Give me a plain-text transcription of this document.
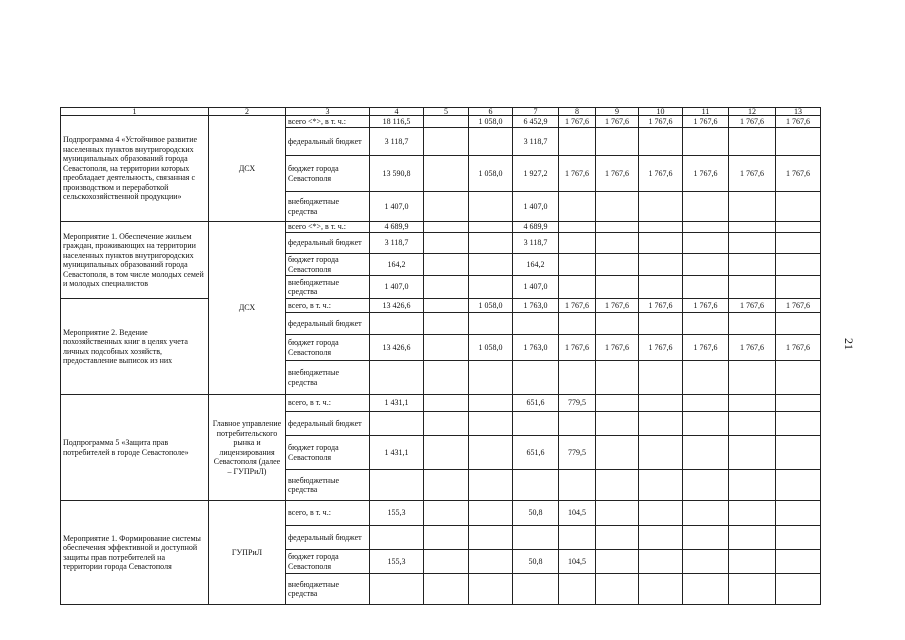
1	2	3	4	5	6	7	8	9	10	11	12	13
Подпрограмма 4 «Устойчивое развитие населенных пунктов внутригородских муниципальных образований города Севастополя, на территории которых преобладает деятельность, связанная с производством и переработкой сельскохозяйственной продукции»	ДСХ	всего <*>, в т. ч.:	18 116,5		1 058,0	6 452,9	1 767,6	1 767,6	1 767,6	1 767,6	1 767,6	1 767,6
		федеральный бюджет	3 118,7			3 118,7						
		бюджет города Севастополя	13 590,8		1 058,0	1 927,2	1 767,6	1 767,6	1 767,6	1 767,6	1 767,6	1 767,6
		внебюджетные средства	1 407,0			1 407,0						
Мероприятие 1. Обеспечение жильем граждан, проживающих на территории населенных пунктов внутригородских муниципальных образований города Севастополя, в том числе молодых семей и молодых специалистов	ДСХ	всего <*>, в т. ч.:	4 689,9			4 689,9						
		федеральный бюджет	3 118,7			3 118,7						
		бюджет города Севастополя	164,2			164,2						
		внебюджетные средства	1 407,0			1 407,0						
Мероприятие 2. Ведение похозяйственных книг в целях учета личных подсобных хозяйств, предоставление выписок из них		всего, в т. ч.:	13 426,6		1 058,0	1 763,0	1 767,6	1 767,6	1 767,6	1 767,6	1 767,6	1 767,6
		федеральный бюджет										
		бюджет города Севастополя	13 426,6		1 058,0	1 763,0	1 767,6	1 767,6	1 767,6	1 767,6	1 767,6	1 767,6
		внебюджетные средства										
Подпрограмма 5 «Защита прав потребителей в городе Севастополе»	Главное управление потребительского рынка и лицензирования Севастополя (далее – ГУПРиЛ)	всего, в т. ч.:	1 431,1			651,6	779,5					
		федеральный бюджет										
		бюджет города Севастополя	1 431,1			651,6	779,5					
		внебюджетные средства										
Мероприятие 1. Формирование системы обеспечения эффективной и доступной защиты прав потребителей на территории города Севастополя	ГУПРиЛ	всего, в т. ч.:	155,3			50,8	104,5					
		федеральный бюджет										
		бюджет города Севастополя	155,3			50,8	104,5					
		внебюджетные средства										
21
